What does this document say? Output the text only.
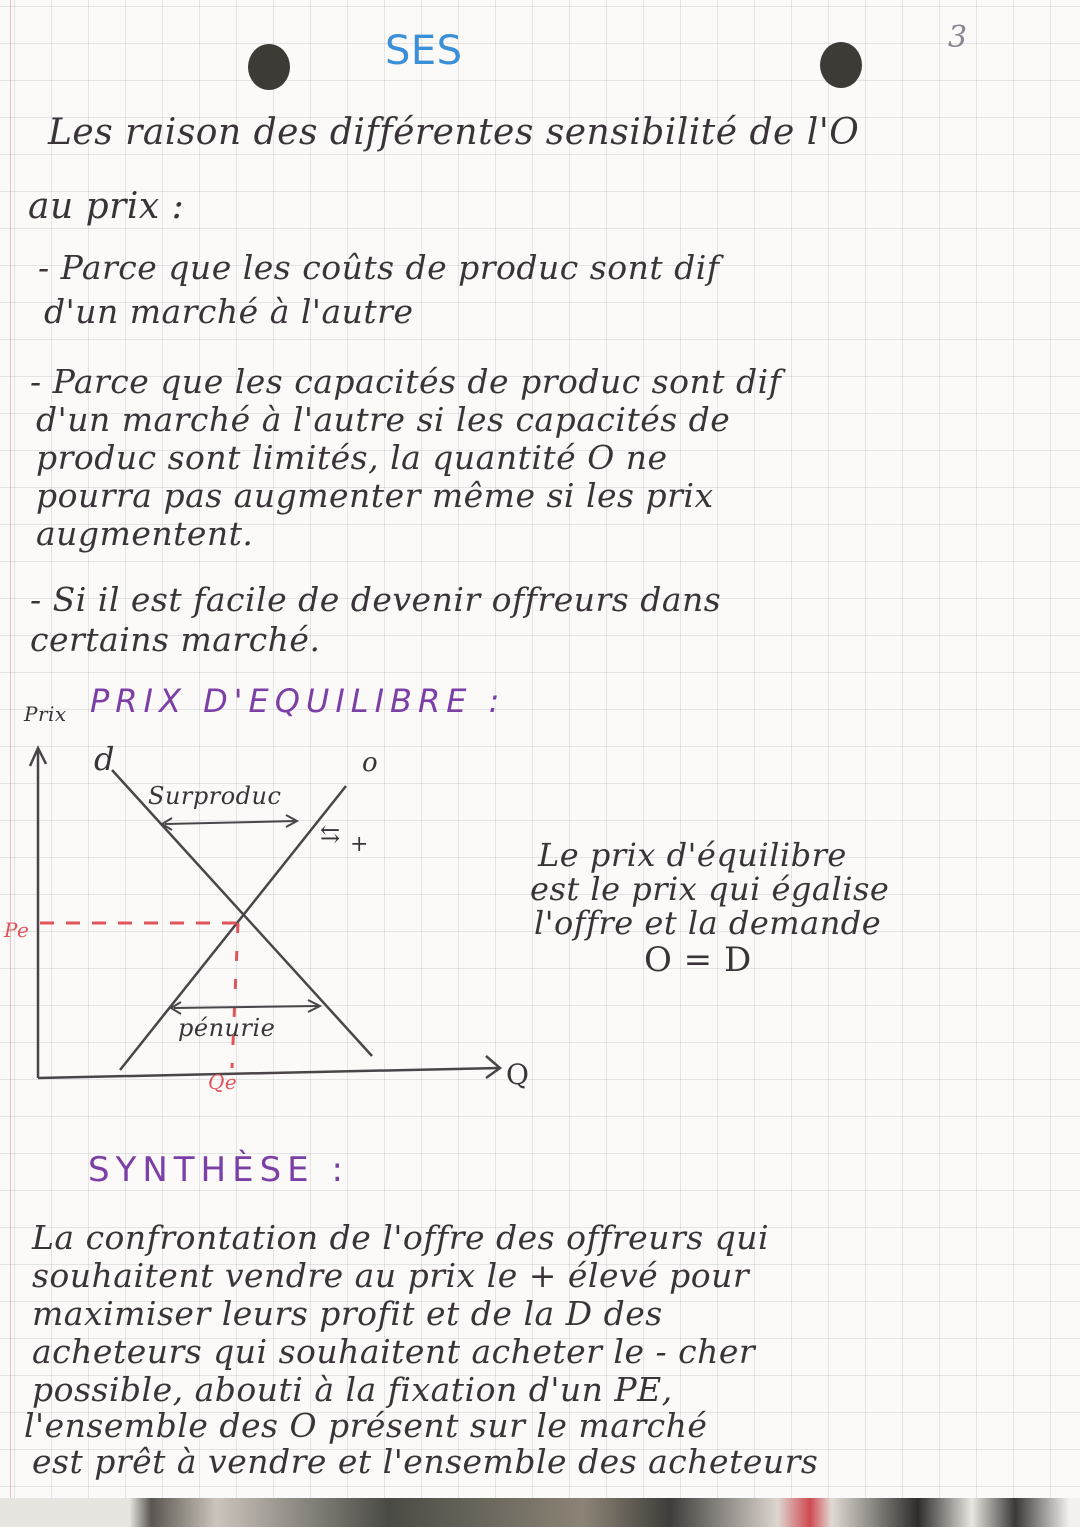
SES	3
Les raison des différentes sensibilité de l'O
au prix :
- Parce que les coûts de produc sont dif
d'un marché à l'autre
- Parce que les capacités de produc sont dif
d'un marché à l'autre si les capacités de
produc sont limités, la quantité O ne
pourra pas augmenter même si les prix
augmentent.
- Si il est facile de devenir offreurs dans
certains marché.
PRIX D'EQUILIBRE :
Prix
d	o
Surproduc
⇆ +
pénurie
Pe
Qe	Q
Le prix d'équilibre
est le prix qui égalise
l'offre et la demande
O = D
SYNTHÈSE :
La confrontation de l'offre des offreurs qui
souhaitent vendre au prix le + élevé pour
maximiser leurs profit et de la D des
acheteurs qui souhaitent acheter le - cher
possible, abouti à la fixation d'un PE,
l'ensemble des O présent sur le marché
est prêt à vendre et l'ensemble des acheteurs
